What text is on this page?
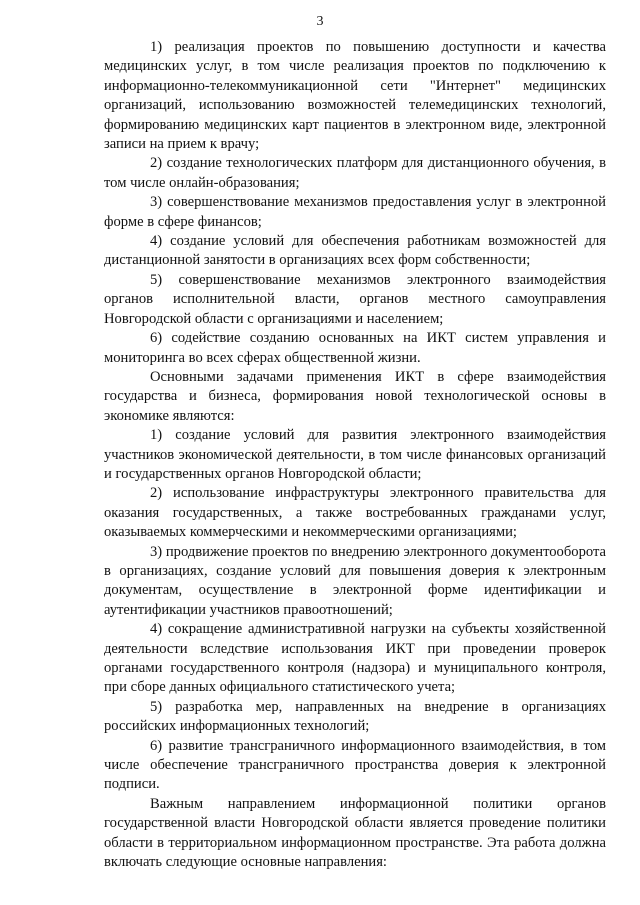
3

1) реализация проектов по повышению доступности и качества медицинских услуг, в том числе реализация проектов по подключению к информационно-телекоммуникационной сети "Интернет" медицинских организаций, использованию возможностей телемедицинских технологий, формированию медицинских карт пациентов в электронном виде, электронной записи на прием к врачу;

2) создание технологических платформ для дистанционного обучения, в том числе онлайн-образования;

3) совершенствование механизмов предоставления услуг в электронной форме в сфере финансов;

4) создание условий для обеспечения работникам возможностей для дистанционной занятости в организациях всех форм собственности;

5) совершенствование механизмов электронного взаимодействия органов исполнительной власти, органов местного самоуправления Новгородской области с организациями и населением;

6) содействие созданию основанных на ИКТ систем управления и мониторинга во всех сферах общественной жизни.

Основными задачами применения ИКТ в сфере взаимодействия государства и бизнеса, формирования новой технологической основы в экономике являются:

1) создание условий для развития электронного взаимодействия участников экономической деятельности, в том числе финансовых организаций и государственных органов Новгородской области;

2) использование инфраструктуры электронного правительства для оказания государственных, а также востребованных гражданами услуг, оказываемых коммерческими и некоммерческими организациями;

3) продвижение проектов по внедрению электронного документооборота в организациях, создание условий для повышения доверия к электронным документам, осуществление в электронной форме идентификации и аутентификации участников правоотношений;

4) сокращение административной нагрузки на субъекты хозяйственной деятельности вследствие использования ИКТ при проведении проверок органами государственного контроля (надзора) и муниципального контроля, при сборе данных официального статистического учета;

5) разработка мер, направленных на внедрение в организациях российских информационных технологий;

6) развитие трансграничного информационного взаимодействия, в том числе обеспечение трансграничного пространства доверия к электронной подписи.

Важным направлением информационной политики органов государственной власти Новгородской области является проведение политики области в территориальном информационном пространстве. Эта работа должна включать следующие основные направления:
